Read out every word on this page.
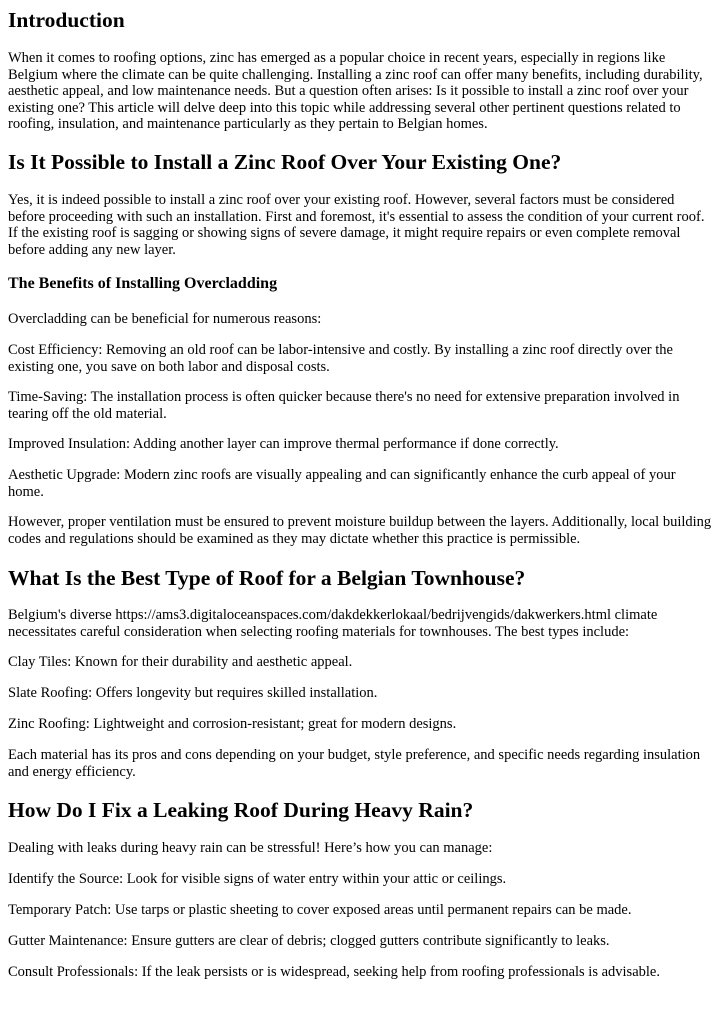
Introduction

When it comes to roofing options, zinc has emerged as a popular choice in recent years, especially in regions like Belgium where the climate can be quite challenging. Installing a zinc roof can offer many benefits, including durability, aesthetic appeal, and low maintenance needs. But a question often arises: Is it possible to install a zinc roof over your existing one? This article will delve deep into this topic while addressing several other pertinent questions related to roofing, insulation, and maintenance particularly as they pertain to Belgian homes.

Is It Possible to Install a Zinc Roof Over Your Existing One?

Yes, it is indeed possible to install a zinc roof over your existing roof. However, several factors must be considered before proceeding with such an installation. First and foremost, it's essential to assess the condition of your current roof. If the existing roof is sagging or showing signs of severe damage, it might require repairs or even complete removal before adding any new layer.

The Benefits of Installing Overcladding

Overcladding can be beneficial for numerous reasons:

Cost Efficiency: Removing an old roof can be labor-intensive and costly. By installing a zinc roof directly over the existing one, you save on both labor and disposal costs.

Time-Saving: The installation process is often quicker because there's no need for extensive preparation involved in tearing off the old material.

Improved Insulation: Adding another layer can improve thermal performance if done correctly.

Aesthetic Upgrade: Modern zinc roofs are visually appealing and can significantly enhance the curb appeal of your home.

However, proper ventilation must be ensured to prevent moisture buildup between the layers. Additionally, local building codes and regulations should be examined as they may dictate whether this practice is permissible.

What Is the Best Type of Roof for a Belgian Townhouse?

Belgium's diverse https://ams3.digitaloceanspaces.com/dakdekkerlokaal/bedrijvengids/dakwerkers.html climate necessitates careful consideration when selecting roofing materials for townhouses. The best types include:

Clay Tiles: Known for their durability and aesthetic appeal.

Slate Roofing: Offers longevity but requires skilled installation.

Zinc Roofing: Lightweight and corrosion-resistant; great for modern designs.

Each material has its pros and cons depending on your budget, style preference, and specific needs regarding insulation and energy efficiency.

How Do I Fix a Leaking Roof During Heavy Rain?

Dealing with leaks during heavy rain can be stressful! Here’s how you can manage:

Identify the Source: Look for visible signs of water entry within your attic or ceilings.

Temporary Patch: Use tarps or plastic sheeting to cover exposed areas until permanent repairs can be made.

Gutter Maintenance: Ensure gutters are clear of debris; clogged gutters contribute significantly to leaks.

Consult Professionals: If the leak persists or is widespread, seeking help from roofing professionals is advisable.
